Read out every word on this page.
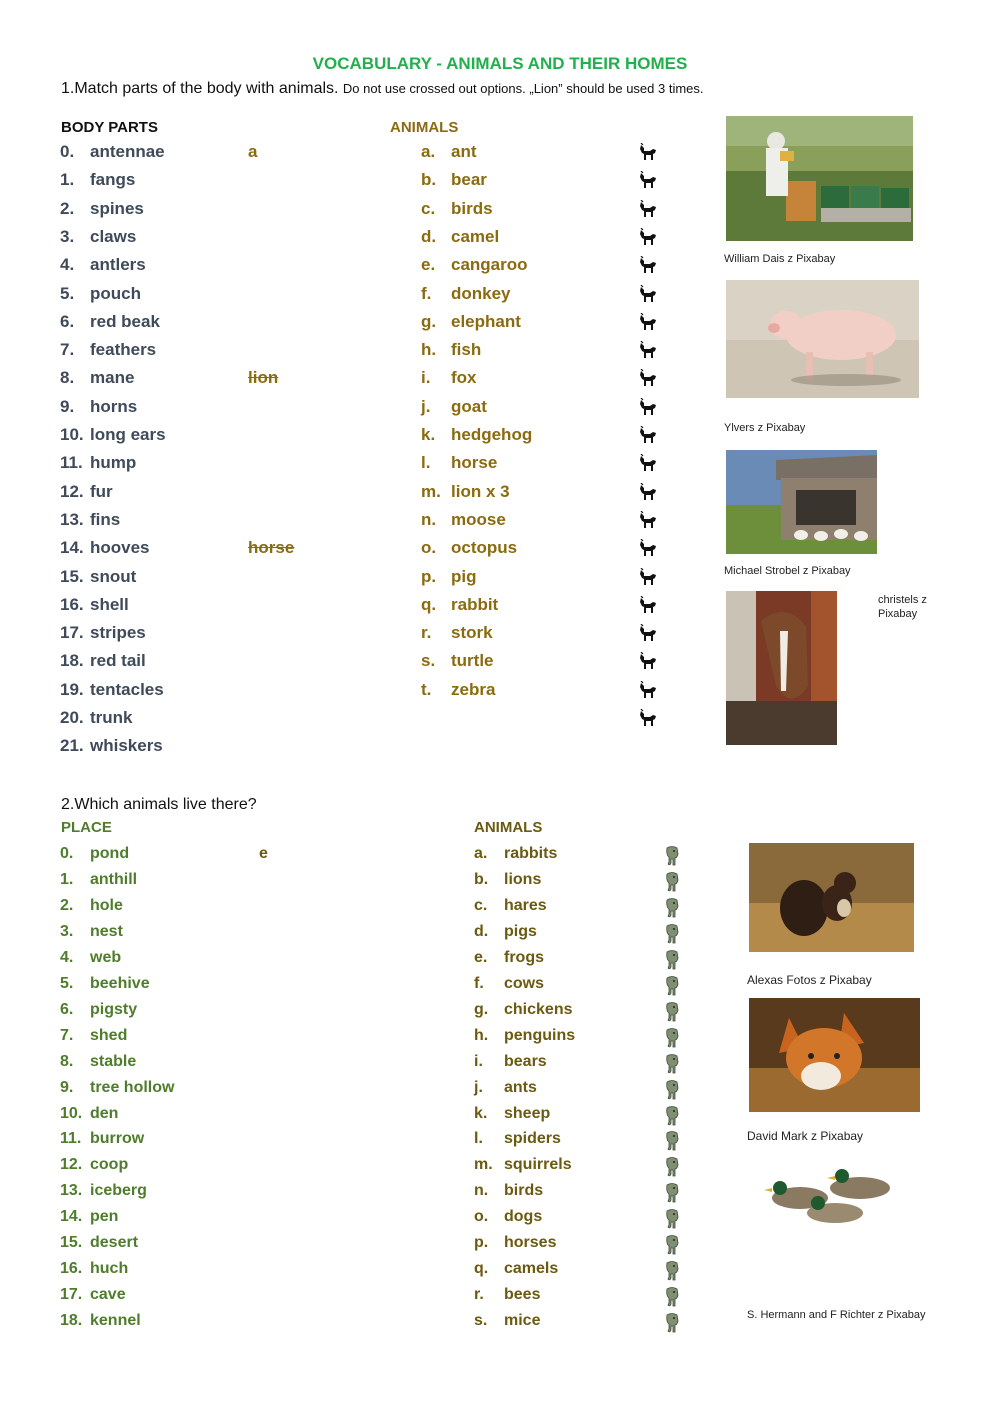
VOCABULARY - ANIMALS AND THEIR HOMES
1.Match parts of the body with animals. Do not use crossed out options. „Lion” should be used 3 times.
BODY PARTS	ANIMALS
0. antennae	a
1. fangs
2. spines
3. claws
4. antlers
5. pouch
6. red beak
7. feathers
8. mane	lion
9. horns
10. long ears
11. hump
12. fur
13. fins
14. hooves	horse
15. snout
16. shell
17. stripes
18. red tail
19. tentacles
20. trunk
21. whiskers
a. ant
b. bear
c. birds
d. camel
e. cangaroo
f. donkey
g. elephant
h. fish
i. fox
j. goat
k. hedgehog
l. horse
m. lion x 3
n. moose
o. octopus
p. pig
q. rabbit
r. stork
s. turtle
t. zebra
William Dais z Pixabay
Ylvers z Pixabay
Michael Strobel z Pixabay
christels z Pixabay
2.Which animals live there?
PLACE	ANIMALS
0. pond	e
1. anthill
2. hole
3. nest
4. web
5. beehive
6. pigsty
7. shed
8. stable
9. tree hollow
10. den
11. burrow
12. coop
13. iceberg
14. pen
15. desert
16. huch
17. cave
18. kennel
a. rabbits
b. lions
c. hares
d. pigs
e. frogs
f. cows
g. chickens
h. penguins
i. bears
j. ants
k. sheep
l. spiders
m. squirrels
n. birds
o. dogs
p. horses
q. camels
r. bees
s. mice
Alexas Fotos z Pixabay
David Mark z Pixabay
S. Hermann and F Richter z Pixabay
